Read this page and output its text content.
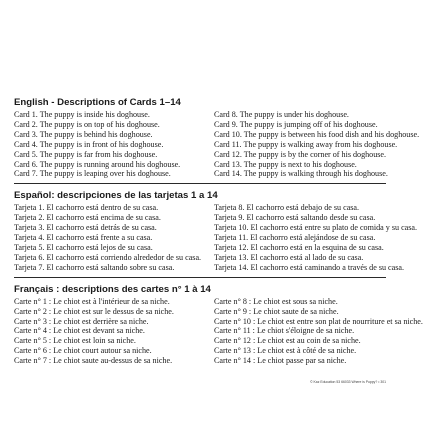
English - Descriptions of Cards 1–14
Card 1. The puppy is inside his doghouse.
Card 2. The puppy is on top of his doghouse.
Card 3. The puppy is behind his doghouse.
Card 4. The puppy is in front of his doghouse.
Card 5. The puppy is far from his doghouse.
Card 6. The puppy is running around his doghouse.
Card 7. The puppy is leaping over his doghouse.
Card 8. The puppy is under his doghouse.
Card 9. The puppy is jumping off of his doghouse.
Card 10. The puppy is between his food dish and his doghouse.
Card 11. The puppy is walking away from his doghouse.
Card 12. The puppy is by the corner of his doghouse.
Card 13. The puppy is next to his doghouse.
Card 14. The puppy is walking through his doghouse.
Español: descripciones de las tarjetas 1 a 14
Tarjeta 1. El cachorro está dentro de su casa.
Tarjeta 2. El cachorro está encima de su casa.
Tarjeta 3. El cachorro está detrás de su casa.
Tarjeta 4. El cachorro está frente a su casa.
Tarjeta 5. El cachorro está lejos de su casa.
Tarjeta 6. El cachorro está corriendo alrededor de su casa.
Tarjeta 7. El cachorro está saltando sobre su casa.
Tarjeta 8. El cachorro está debajo de su casa.
Tarjeta 9. El cachorro está saltando desde su casa.
Tarjeta 10. El cachorro está entre su plato de comida y su casa.
Tarjeta 11. El cachorro está alejándose de su casa.
Tarjeta 12. El cachorro está en la esquina de su casa.
Tarjeta 13. El cachorro está al lado de su casa.
Tarjeta 14. El cachorro está caminando a través de su casa.
Français : descriptions des cartes n° 1 à 14
Carte n° 1 : Le chiot est à l'intérieur de sa niche.
Carte n° 2 : Le chiot est sur le dessus de sa niche.
Carte n° 3 : Le chiot est derrière sa niche.
Carte n° 4 : Le chiot est devant sa niche.
Carte n° 5 : Le chiot est loin sa niche.
Carte n° 6 : Le chiot court autour sa niche.
Carte n° 7 : Le chiot saute au-dessus de sa niche.
Carte n° 8 : Le chiot est sous sa niche.
Carte n° 9 : Le chiot saute de sa niche.
Carte n° 10 : Le chiot est entre son plat de nourriture et sa niche.
Carte n° 11 : Le chiot s'éloigne de sa niche.
Carte n° 12 : Le chiot est au coin de sa niche.
Carte n° 13 : Le chiot est à côté de sa niche.
Carte n° 14 : Le chiot passe par sa niche.
© Kaz Education 53 66033 Where is Puppy? • 301
